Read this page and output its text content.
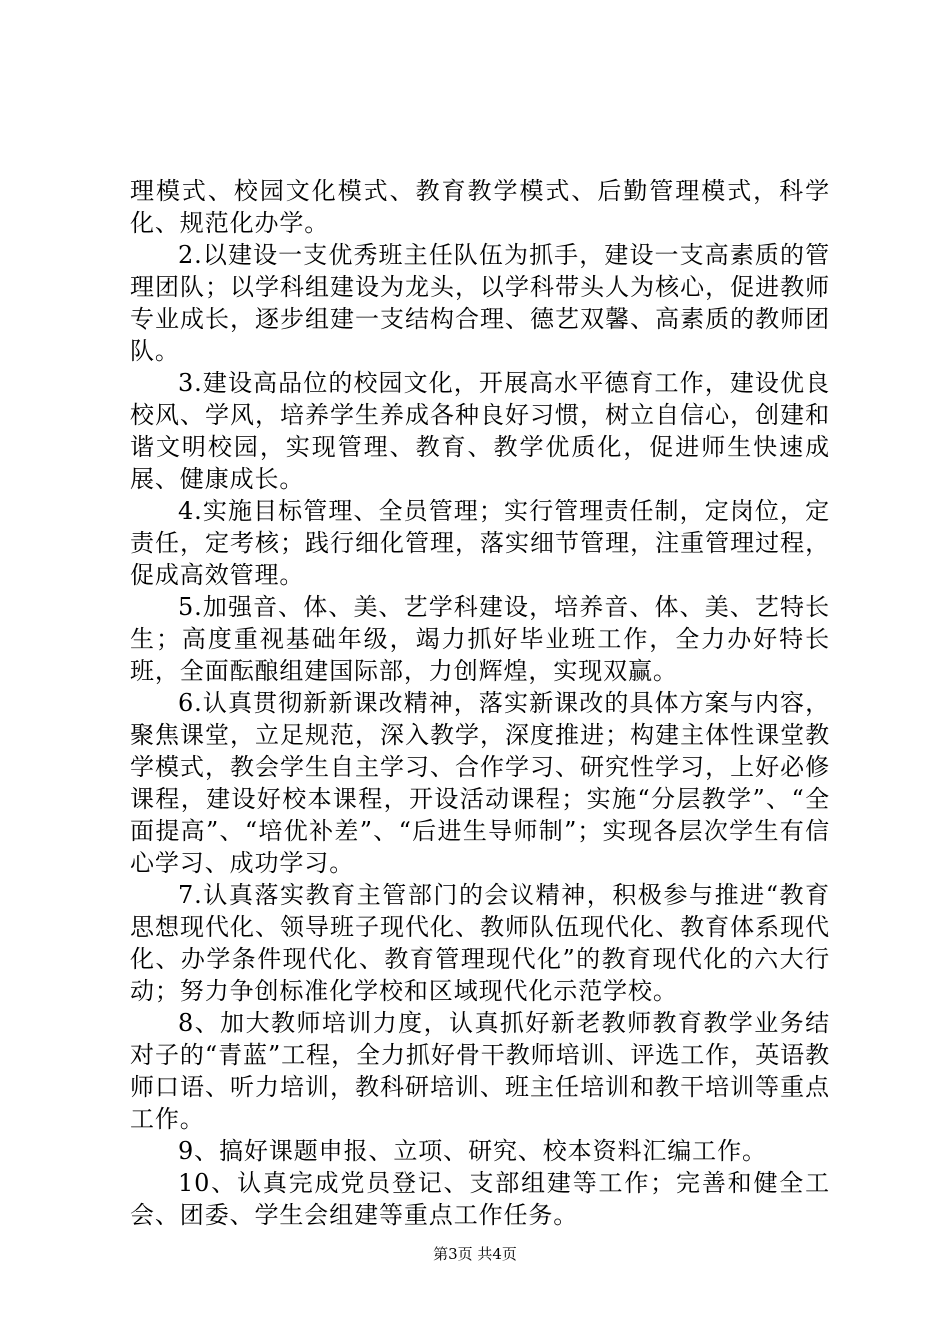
理模式、校园文化模式、教育教学模式、后勤管理模式，科学化、规范化办学。

2.以建设一支优秀班主任队伍为抓手，建设一支高素质的管理团队；以学科组建设为龙头，以学科带头人为核心，促进教师专业成长，逐步组建一支结构合理、德艺双馨、高素质的教师团队。

3.建设高品位的校园文化，开展高水平德育工作，建设优良校风、学风，培养学生养成各种良好习惯，树立自信心，创建和谐文明校园，实现管理、教育、教学优质化，促进师生快速成展、健康成长。

4.实施目标管理、全员管理；实行管理责任制，定岗位，定责任，定考核；践行细化管理，落实细节管理，注重管理过程，促成高效管理。

5.加强音、体、美、艺学科建设，培养音、体、美、艺特长生；高度重视基础年级，竭力抓好毕业班工作，全力办好特长班，全面酝酿组建国际部，力创辉煌，实现双赢。

6.认真贯彻新新课改精神，落实新课改的具体方案与内容，聚焦课堂，立足规范，深入教学，深度推进；构建主体性课堂教学模式，教会学生自主学习、合作学习、研究性学习，上好必修课程，建设好校本课程，开设活动课程；实施“分层教学”、“全面提高”、“培优补差”、“后进生导师制”；实现各层次学生有信心学习、成功学习。

7.认真落实教育主管部门的会议精神，积极参与推进“教育思想现代化、领导班子现代化、教师队伍现代化、教育体系现代化、办学条件现代化、教育管理现代化”的教育现代化的六大行动；努力争创标准化学校和区域现代化示范学校。

8、加大教师培训力度，认真抓好新老教师教育教学业务结对子的“青蓝”工程，全力抓好骨干教师培训、评选工作，英语教师口语、听力培训，教科研培训、班主任培训和教干培训等重点工作。

9、搞好课题申报、立项、研究、校本资料汇编工作。

10、认真完成党员登记、支部组建等工作；完善和健全工会、团委、学生会组建等重点工作任务。

第3页 共4页
